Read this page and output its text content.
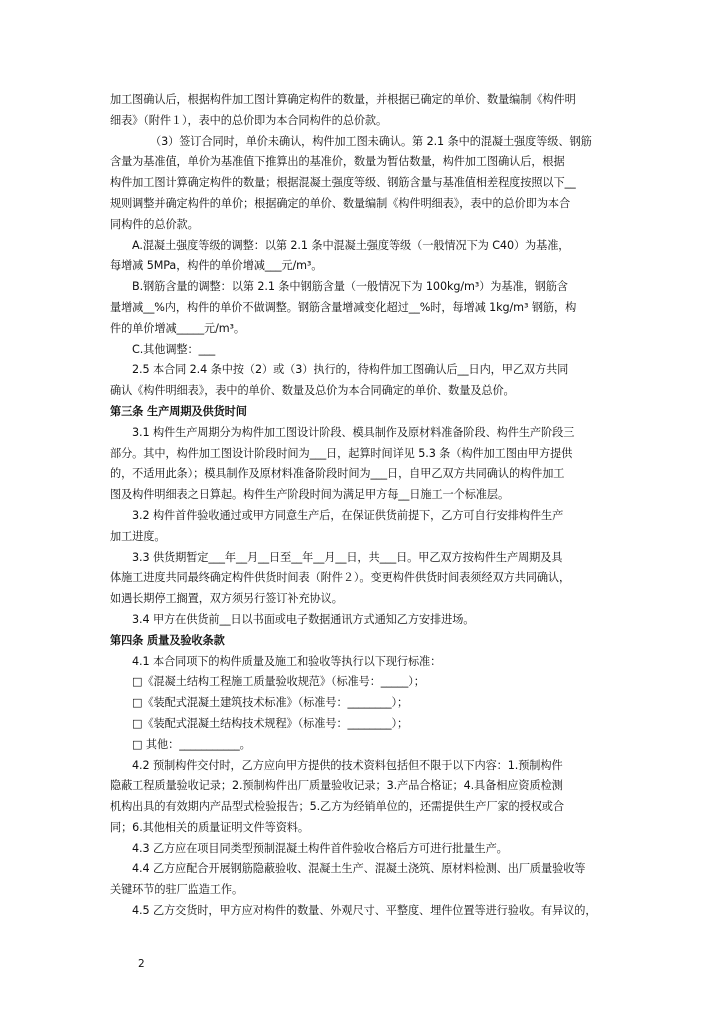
加工图确认后，根据构件加工图计算确定构件的数量，并根据已确定的单价、数量编制《构件明
细表》（附件１），表中的总价即为本合同构件的总价款。
（3）签订合同时，单价未确认，构件加工图未确认。第 2.1 条中的混凝土强度等级、钢筋
含量为基准值，单价为基准值下推算出的基准价，数量为暂估数量，构件加工图确认后，根据
构件加工图计算确定构件的数量；根据混凝土强度等级、钢筋含量与基准值相差程度按照以下__
规则调整并确定构件的单价；根据确定的单价、数量编制《构件明细表》，表中的总价即为本合
同构件的总价款。
A.混凝土强度等级的调整：以第 2.1 条中混凝土强度等级（一般情况下为 C40）为基准，
每增减 5MPa，构件的单价增减___元/m³。
B.钢筋含量的调整：以第 2.1 条中钢筋含量（一般情况下为 100kg/m³）为基准，钢筋含
量增减__%内，构件的单价不做调整。钢筋含量增减变化超过__%时，每增减 1kg/m³ 钢筋，构
件的单价增减_____元/m³。
C.其他调整：___
2.5 本合同 2.4 条中按（2）或（3）执行的，待构件加工图确认后__日内，甲乙双方共同
确认《构件明细表》，表中的单价、数量及总价为本合同确定的单价、数量及总价。
第三条 生产周期及供货时间
3.1 构件生产周期分为构件加工图设计阶段、模具制作及原材料准备阶段、构件生产阶段三
部分。其中，构件加工图设计阶段时间为___日，起算时间详见 5.3 条（构件加工图由甲方提供
的，不适用此条）；模具制作及原材料准备阶段时间为___日，自甲乙双方共同确认的构件加工
图及构件明细表之日算起。构件生产阶段时间为满足甲方每__日施工一个标准层。
3.2 构件首件验收通过或甲方同意生产后，在保证供货前提下，乙方可自行安排构件生产
加工进度。
3.3 供货期暂定___年__月__日至__年__月__日，共___日。甲乙双方按构件生产周期及具
体施工进度共同最终确定构件供货时间表（附件２）。变更构件供货时间表须经双方共同确认，
如遇长期停工搁置，双方须另行签订补充协议。
3.4 甲方在供货前__日以书面或电子数据通讯方式通知乙方安排进场。
第四条 质量及验收条款
4.1 本合同项下的构件质量及施工和验收等执行以下现行标准：
□《混凝土结构工程施工质量验收规范》（标准号：_____）；
□《装配式混凝土建筑技术标准》（标准号：________）；
□《装配式混凝土结构技术规程》（标准号：________）；
□ 其他：___________。
4.2 预制构件交付时，乙方应向甲方提供的技术资料包括但不限于以下内容：1.预制构件
隐蔽工程质量验收记录；2.预制构件出厂质量验收记录；3.产品合格证；4.具备相应资质检测
机构出具的有效期内产品型式检验报告；5.乙方为经销单位的，还需提供生产厂家的授权或合
同；6.其他相关的质量证明文件等资料。
4.3 乙方应在项目同类型预制混凝土构件首件验收合格后方可进行批量生产。
4.4 乙方应配合开展钢筋隐蔽验收、混凝土生产、混凝土浇筑、原材料检测、出厂质量验收等
关键环节的驻厂监造工作。
4.5 乙方交货时，甲方应对构件的数量、外观尺寸、平整度、埋件位置等进行验收。有异议的，
2
